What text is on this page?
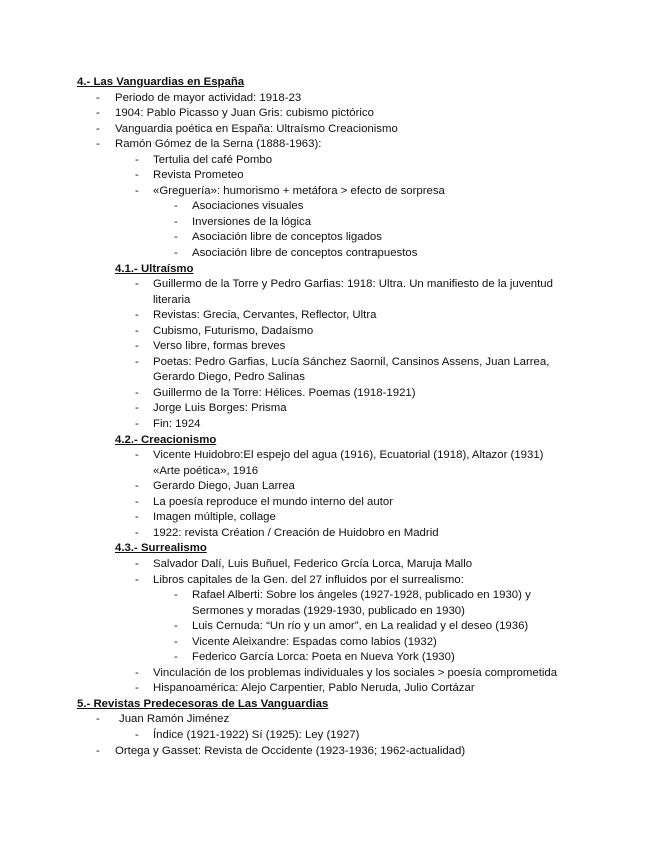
4.- Las Vanguardias en España
- Periodo de mayor actividad: 1918-23
- 1904: Pablo Picasso y Juan Gris: cubismo pictórico
- Vanguardia poética en España: Ultraísmo Creacionismo
- Ramón Gómez de la Serna (1888-1963):
- Tertulia del café Pombo
- Revista Prometeo
- «Greguería»: humorismo + metáfora > efecto de sorpresa
- Asociaciones visuales
- Inversiones de la lógica
- Asociación libre de conceptos ligados
- Asociación libre de conceptos contrapuestos
4.1.- Ultraísmo
- Guillermo de la Torre y Pedro Garfias: 1918: Ultra. Un manifiesto de la juventud
literaria
- Revistas: Grecia, Cervantes, Reflector, Ultra
- Cubismo, Futurismo, Dadaísmo
- Verso libre, formas breves
- Poetas: Pedro Garfias, Lucía Sánchez Saornil, Cansinos Assens, Juan Larrea,
Gerardo Diego, Pedro Salinas
- Guillermo de la Torre: Hélices. Poemas (1918-1921)
- Jorge Luis Borges: Prisma
- Fin: 1924
4.2.- Creacionismo
- Vicente Huidobro:El espejo del agua (1916), Ecuatorial (1918), Altazor (1931)
«Arte poética», 1916
- Gerardo Diego, Juan Larrea
- La poesía reproduce el mundo interno del autor
- Imagen múltiple, collage
- 1922: revista Création / Creación de Huidobro en Madrid
4.3.- Surrealismo
- Salvador Dalí, Luis Buñuel, Federico Grcía Lorca, Maruja Mallo
- Libros capitales de la Gen. del 27 influidos por el surrealismo:
- Rafael Alberti: Sobre los ángeles (1927-1928, publicado en 1930) y
Sermones y moradas (1929-1930, publicado en 1930)
- Luis Cernuda: “Un río y un amor”, en La realidad y el deseo (1936)
- Vicente Aleixandre: Espadas como labios (1932)
- Federico García Lorca: Poeta en Nueva York (1930)
- Vinculación de los problemas individuales y los sociales > poesía comprometida
- Hispanoamérica: Alejo Carpentier, Pablo Neruda, Julio Cortázar
5.- Revistas Predecesoras de Las Vanguardias
- Juan Ramón Jiménez
- Índice (1921-1922) Sí (1925): Ley (1927)
- Ortega y Gasset: Revista de Occidente (1923-1936; 1962-actualidad)
